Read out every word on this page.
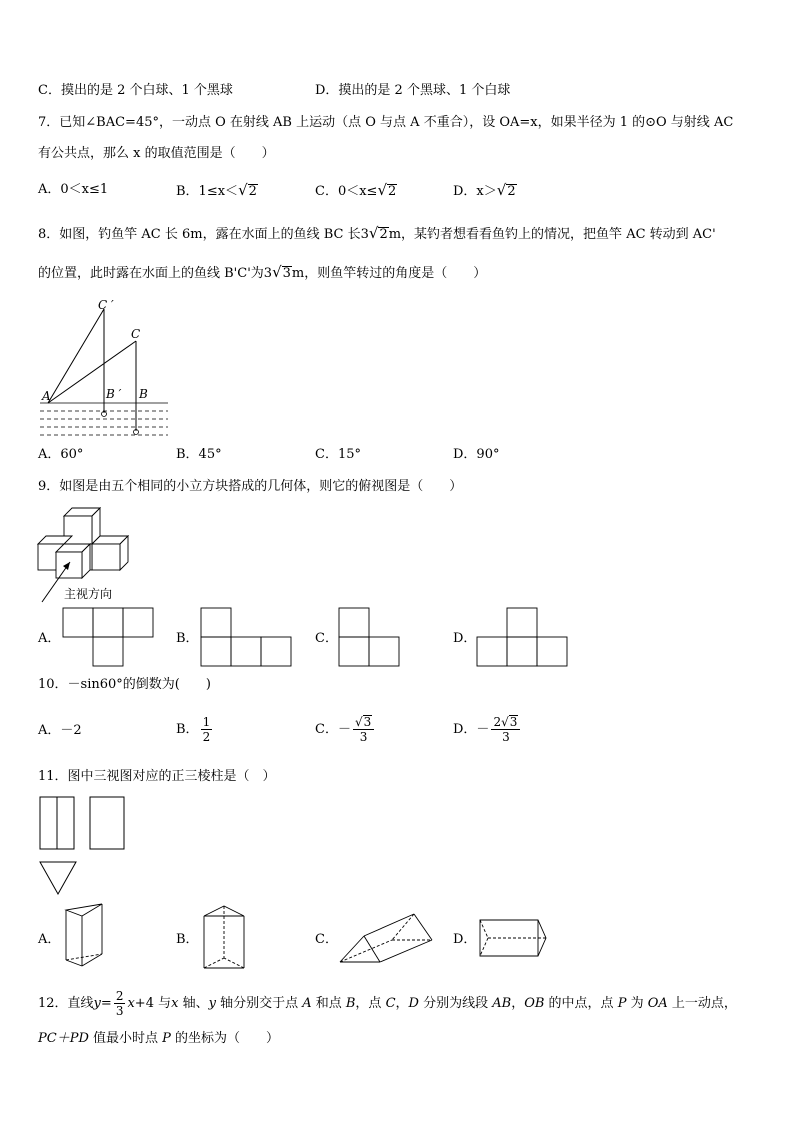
C．摸出的是 2 个白球、1 个黑球	D．摸出的是 2 个黑球、1 个白球
7．已知∠BAC=45°，一动点 O 在射线 AB 上运动（点 O 与点 A 不重合），设 OA=x，如果半径为 1 的⊙O 与射线 AC
有公共点，那么 x 的取值范围是（　　）
A．0＜x≤1	B．1≤x＜√2	C．0＜x≤√2	D．x＞√2
8．如图，钓鱼竿 AC 长 6m，露在水面上的鱼线 BC 长3√2m，某钓者想看看鱼钓上的情况，把鱼竿 AC 转动到 AC'
的位置，此时露在水面上的鱼线 B'C'为3√3m，则鱼竿转过的角度是（　　）
C ′
C
A	B ′ B
A．60°	B．45°	C．15°	D．90°
9．如图是由五个相同的小立方块搭成的几何体，则它的俯视图是（　　）
主视方向
A．	B．	C．	D．
10．－sin60°的倒数为(　　)
A．－2	B． $\frac{1}{2}$	C．－ $\frac{√3}{3}$	D．－ $\frac{2√3}{3}$
11．图中三视图对应的正三棱柱是（　）
A．	B．	C．	D．
12．直线$y= \frac{2}{3} x+4$ 与x 轴、y 轴分别交于点 A 和点 B，点 C，D 分别为线段 AB，OB 的中点，点 P 为 OA 上一动点，
PC＋PD 值最小时点 P 的坐标为（　　）
